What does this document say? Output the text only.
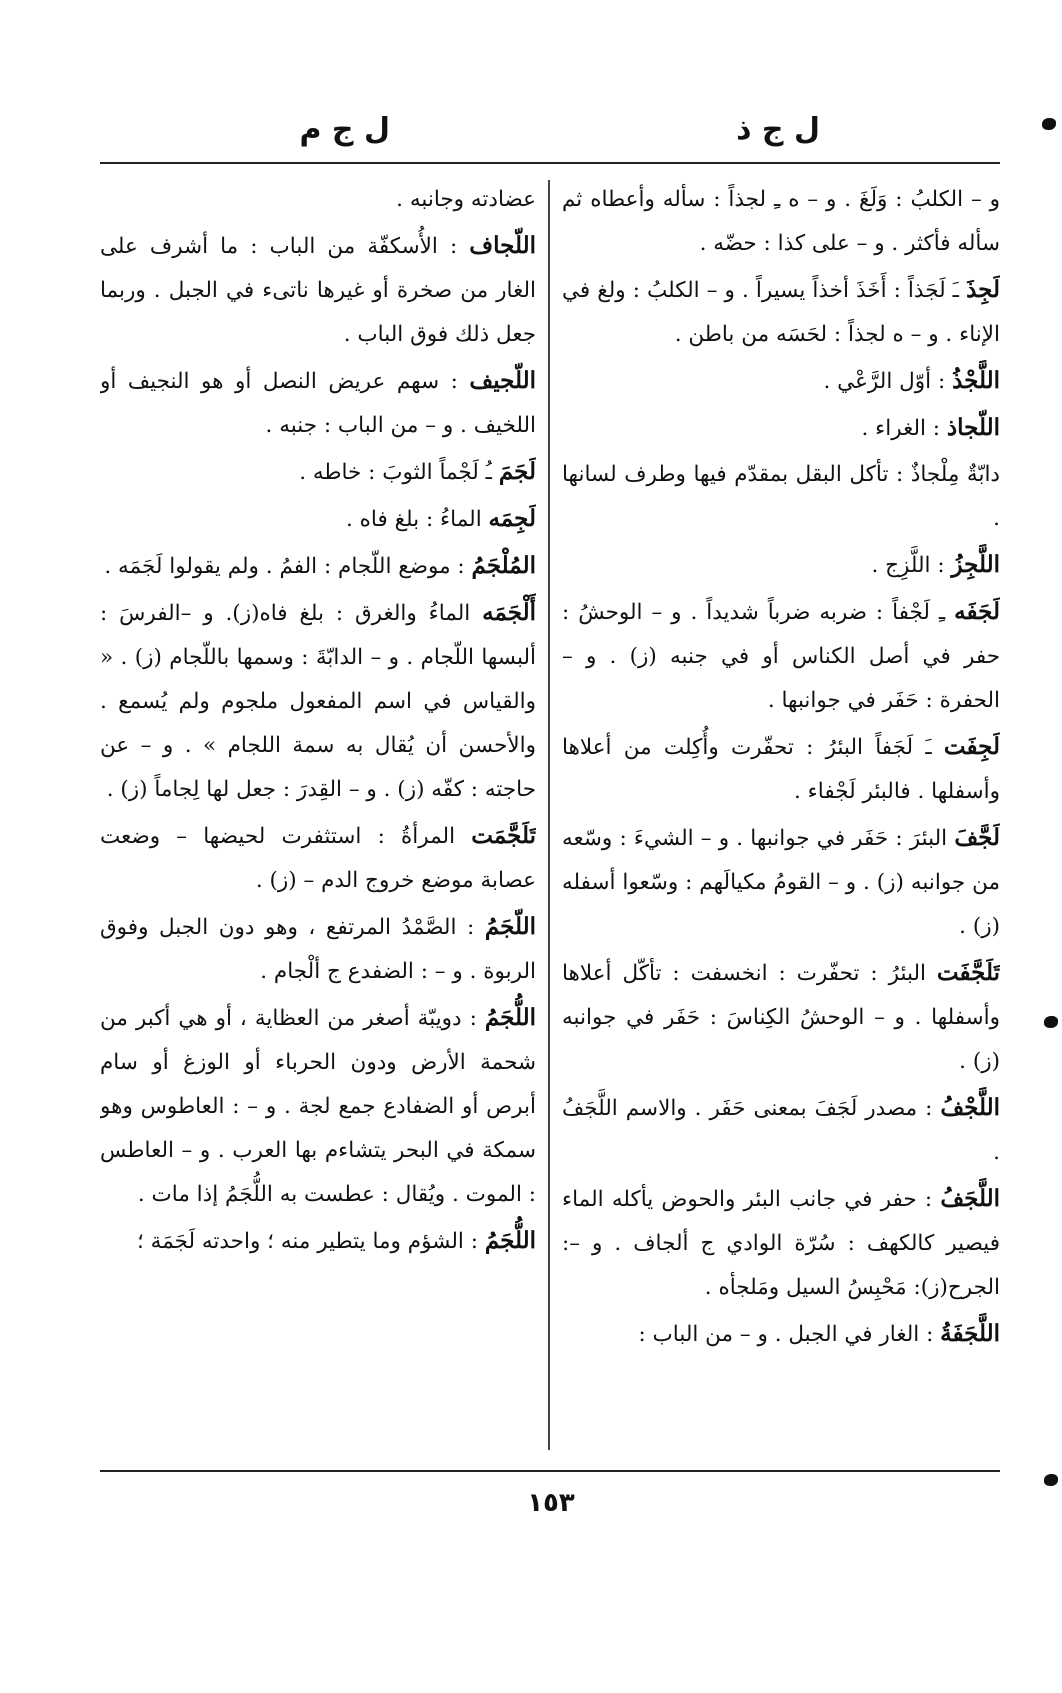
ل ج ذ
ل ج م
و – الكلبُ : وَلَغَ . و – ه ـِ لجذاً : سأله وأعطاه ثم سأله فأكثر . و – على كذا : حضّه .
لَجِذَ ـَ لَجَذاً : أَخَذَ أخذاً يسيراً . و – الكلبُ : ولغ في الإناء . و – ه لجذاً : لحَسَه من باطن .
اللَّجْذُ : أوّل الرَّعْي .
اللّجاذ : الغراء .
دابّةٌ مِلْجاذٌ : تأكل البقل بمقدّم فيها وطرف لسانها .
اللَّجِزُ : اللَّزِج .
لَجَفَه ـِ لَجْفاً : ضربه ضرباً شديداً . و – الوحشُ : حفر في أصل الكناس أو في جنبه (ز) . و – الحفرة : حَفَر في جوانبها .
لَجِفَت ـَ لَجَفاً البئرُ : تحفّرت وأُكِلت من أعلاها وأسفلها . فالبئر لَجْفاء .
لَجَّفَ البئرَ : حَفَر في جوانبها . و – الشيءَ : وسّعه من جوانبه (ز) . و – القومُ مكيالَهم : وسّعوا أسفله (ز) .
تَلَجَّفَت البئرُ : تحفّرت : انخسفت : تأكّل أعلاها وأسفلها . و – الوحشُ الكِناسَ : حَفَر في جوانبه (ز) .
اللَّجْفُ : مصدر لَجَفَ بمعنى حَفَر . والاسم اللَّجَفُ .
اللَّجَفُ : حفر في جانب البئر والحوض يأكله الماء فيصير كالكهف : سُرّة الوادي ج ألجاف . و –: الجرح(ز): مَحْبِسُ السيل ومَلجأه .
اللَّجَفَةُ : الغار في الجبل . و – من الباب :
عضادته وجانبه .
اللّجاف : الأُسكفّة من الباب : ما أشرف على الغار من صخرة أو غيرها ناتىء في الجبل . وربما جعل ذلك فوق الباب .
اللّجيف : سهم عريض النصل أو هو النجيف أو اللخيف . و – من الباب : جنبه .
لَجَمَ ـُ لَجْماً الثوبَ : خاطه .
لَجِمَه الماءُ : بلغ فاه .
المُلْجَمُ : موضع اللّجام : الفمُ . ولم يقولوا لَجَمَه .
أَلْجَمَه الماءُ والغرق : بلغ فاه(ز). و –الفرسَ : ألبسها اللّجام . و – الدابّةَ : وسمها باللّجام (ز) . « والقياس في اسم المفعول ملجوم ولم يُسمع . والأحسن أن يُقال به سمة اللجام » . و – عن حاجته : كفّه (ز) . و – القِدرَ : جعل لها لِجاماً (ز) .
تَلَجَّمَت المرأةُ : استثفرت لحيضها – وضعت عصابة موضع خروج الدم – (ز) .
اللّجَمُ : الصَّمْدُ المرتفع ، وهو دون الجبل وفوق الربوة . و – : الضفدع ج ألْجام .
اللُّجَمُ : دويبّة أصغر من العظاية ، أو هي أكبر من شحمة الأرض ودون الحرباء أو الوزغ أو سام أبرص أو الضفادع جمع لجة . و – : العاطوس وهو سمكة في البحر يتشاءم بها العرب . و – العاطس : الموت . ويُقال : عطست به اللُّجَمُ إذا مات .
اللُّجَمُ : الشؤم وما يتطير منه ؛ واحدته لَجَمَة ؛
١٥٣
